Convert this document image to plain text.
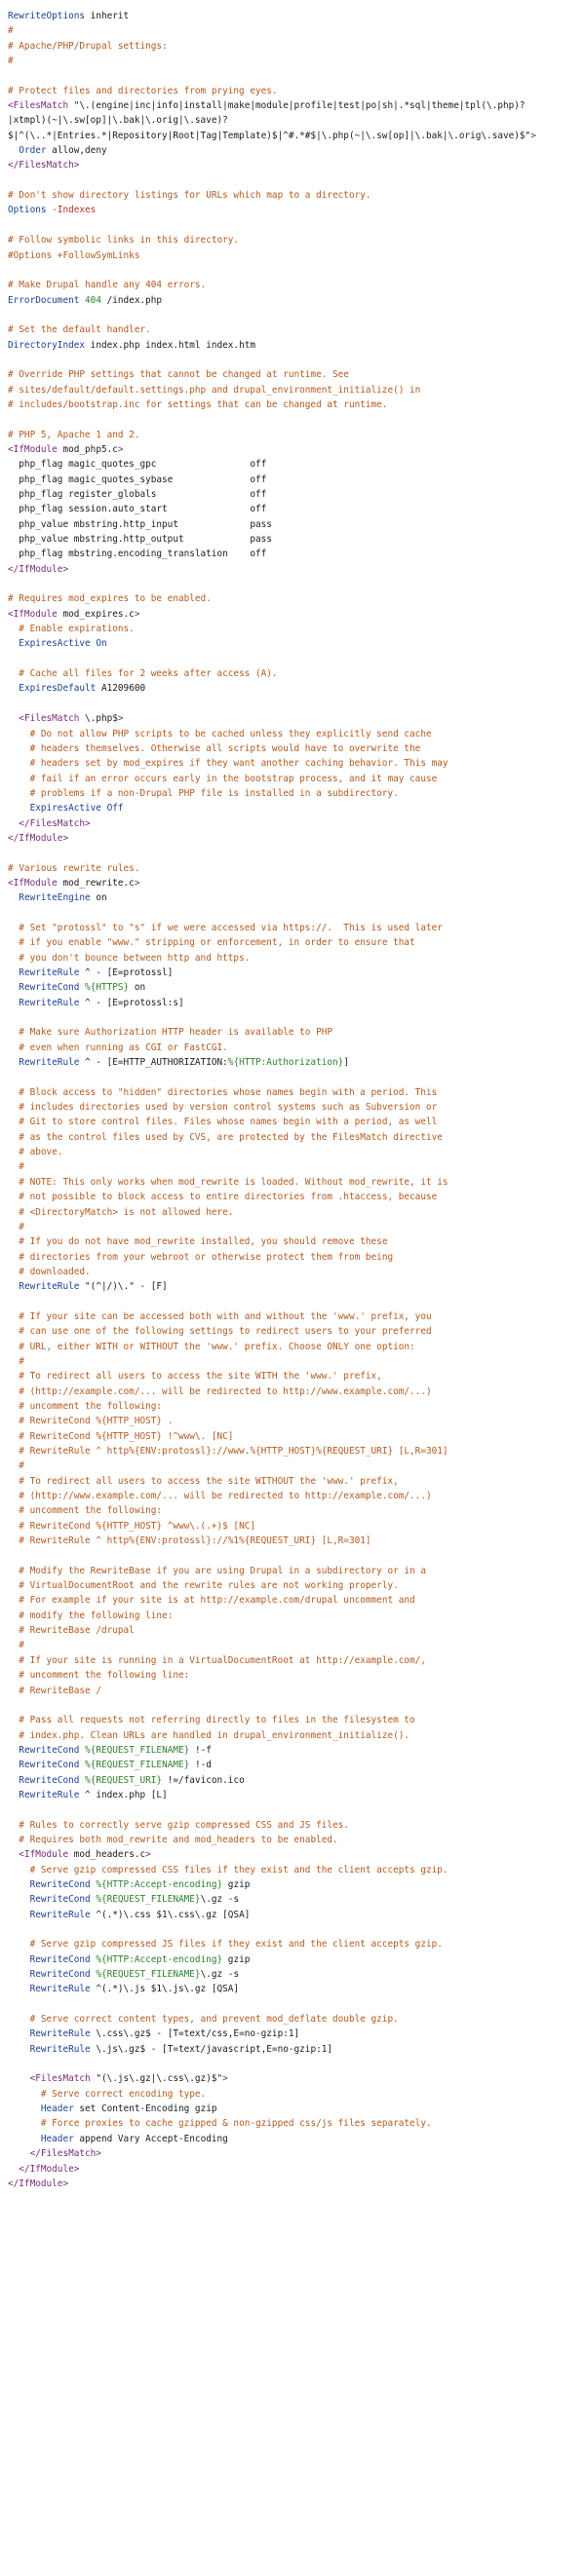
RewriteOptions inherit
#
# Apache/PHP/Drupal settings:
#

# Protect files and directories from prying eyes.
<FilesMatch "\.(engine|inc|info|install|make|module|profile|test|po|sh|.*sql|theme|tpl(\.php)?
|xtmpl)(~|\.sw[op]|\.bak|\.orig|\.save)?
$|^(\..*|Entries.*|Repository|Root|Tag|Template)$|^#.*#$|\.php(~|\.sw[op]|\.bak|\.orig\.save)$">
Order allow,deny
</FilesMatch>

# Don't show directory listings for URLs which map to a directory.
Options -Indexes

# Follow symbolic links in this directory.
#Options +FollowSymLinks

# Make Drupal handle any 404 errors.
ErrorDocument 404 /index.php

# Set the default handler.
DirectoryIndex index.php index.html index.htm

# Override PHP settings that cannot be changed at runtime. See
# sites/default/default.settings.php and drupal_environment_initialize() in
# includes/bootstrap.inc for settings that can be changed at runtime.

# PHP 5, Apache 1 and 2.
<IfModule mod_php5.c>
php_flag magic_quotes_gpc                 off
php_flag magic_quotes_sybase              off
php_flag register_globals                 off
php_flag session.auto_start               off
php_value mbstring.http_input             pass
php_value mbstring.http_output            pass
php_flag mbstring.encoding_translation    off
</IfModule>

# Requires mod_expires to be enabled.
<IfModule mod_expires.c>
# Enable expirations.
ExpiresActive On

# Cache all files for 2 weeks after access (A).
ExpiresDefault A1209600

<FilesMatch \.php$>
# Do not allow PHP scripts to be cached unless they explicitly send cache
# headers themselves. Otherwise all scripts would have to overwrite the
# headers set by mod_expires if they want another caching behavior. This may
# fail if an error occurs early in the bootstrap process, and it may cause
# problems if a non-Drupal PHP file is installed in a subdirectory.
ExpiresActive Off
</FilesMatch>
</IfModule>

# Various rewrite rules.
<IfModule mod_rewrite.c>
RewriteEngine on

# Set "protossl" to "s" if we were accessed via https://.  This is used later
# if you enable "www." stripping or enforcement, in order to ensure that
# you don't bounce between http and https.
RewriteRule ^ - [E=protossl]
RewriteCond %{HTTPS} on
RewriteRule ^ - [E=protossl:s]

# Make sure Authorization HTTP header is available to PHP
# even when running as CGI or FastCGI.
RewriteRule ^ - [E=HTTP_AUTHORIZATION:%{HTTP:Authorization}]

# Block access to "hidden" directories whose names begin with a period. This
# includes directories used by version control systems such as Subversion or
# Git to store control files. Files whose names begin with a period, as well
# as the control files used by CVS, are protected by the FilesMatch directive
# above.
#
# NOTE: This only works when mod_rewrite is loaded. Without mod_rewrite, it is
# not possible to block access to entire directories from .htaccess, because
# <DirectoryMatch> is not allowed here.
#
# If you do not have mod_rewrite installed, you should remove these
# directories from your webroot or otherwise protect them from being
# downloaded.
RewriteRule "(^|/)\." - [F]

# If your site can be accessed both with and without the 'www.' prefix, you
# can use one of the following settings to redirect users to your preferred
# URL, either WITH or WITHOUT the 'www.' prefix. Choose ONLY one option:
#
# To redirect all users to access the site WITH the 'www.' prefix,
# (http://example.com/... will be redirected to http://www.example.com/...)
# uncomment the following:
# RewriteCond %{HTTP_HOST} .
# RewriteCond %{HTTP_HOST} !^www\. [NC]
# RewriteRule ^ http%{ENV:protossl}://www.%{HTTP_HOST}%{REQUEST_URI} [L,R=301]
#
# To redirect all users to access the site WITHOUT the 'www.' prefix,
# (http://www.example.com/... will be redirected to http://example.com/...)
# uncomment the following:
# RewriteCond %{HTTP_HOST} ^www\.(.+)$ [NC]
# RewriteRule ^ http%{ENV:protossl}://%1%{REQUEST_URI} [L,R=301]

# Modify the RewriteBase if you are using Drupal in a subdirectory or in a
# VirtualDocumentRoot and the rewrite rules are not working properly.
# For example if your site is at http://example.com/drupal uncomment and
# modify the following line:
# RewriteBase /drupal
#
# If your site is running in a VirtualDocumentRoot at http://example.com/,
# uncomment the following line:
# RewriteBase /

# Pass all requests not referring directly to files in the filesystem to
# index.php. Clean URLs are handled in drupal_environment_initialize().
RewriteCond %{REQUEST_FILENAME} !-f
RewriteCond %{REQUEST_FILENAME} !-d
RewriteCond %{REQUEST_URI} !=/favicon.ico
RewriteRule ^ index.php [L]

# Rules to correctly serve gzip compressed CSS and JS files.
# Requires both mod_rewrite and mod_headers to be enabled.
<IfModule mod_headers.c>
# Serve gzip compressed CSS files if they exist and the client accepts gzip.
RewriteCond %{HTTP:Accept-encoding} gzip
RewriteCond %{REQUEST_FILENAME}\.gz -s
RewriteRule ^(.*)\.css $1\.css\.gz [QSA]

# Serve gzip compressed JS files if they exist and the client accepts gzip.
RewriteCond %{HTTP:Accept-encoding} gzip
RewriteCond %{REQUEST_FILENAME}\.gz -s
RewriteRule ^(.*)\.js $1\.js\.gz [QSA]

# Serve correct content types, and prevent mod_deflate double gzip.
RewriteRule \.css\.gz$ - [T=text/css,E=no-gzip:1]
RewriteRule \.js\.gz$ - [T=text/javascript,E=no-gzip:1]

<FilesMatch "(\.js\.gz|\.css\.gz)$">
# Serve correct encoding type.
Header set Content-Encoding gzip
# Force proxies to cache gzipped & non-gzipped css/js files separately.
Header append Vary Accept-Encoding
</FilesMatch>
</IfModule>
</IfModule>
